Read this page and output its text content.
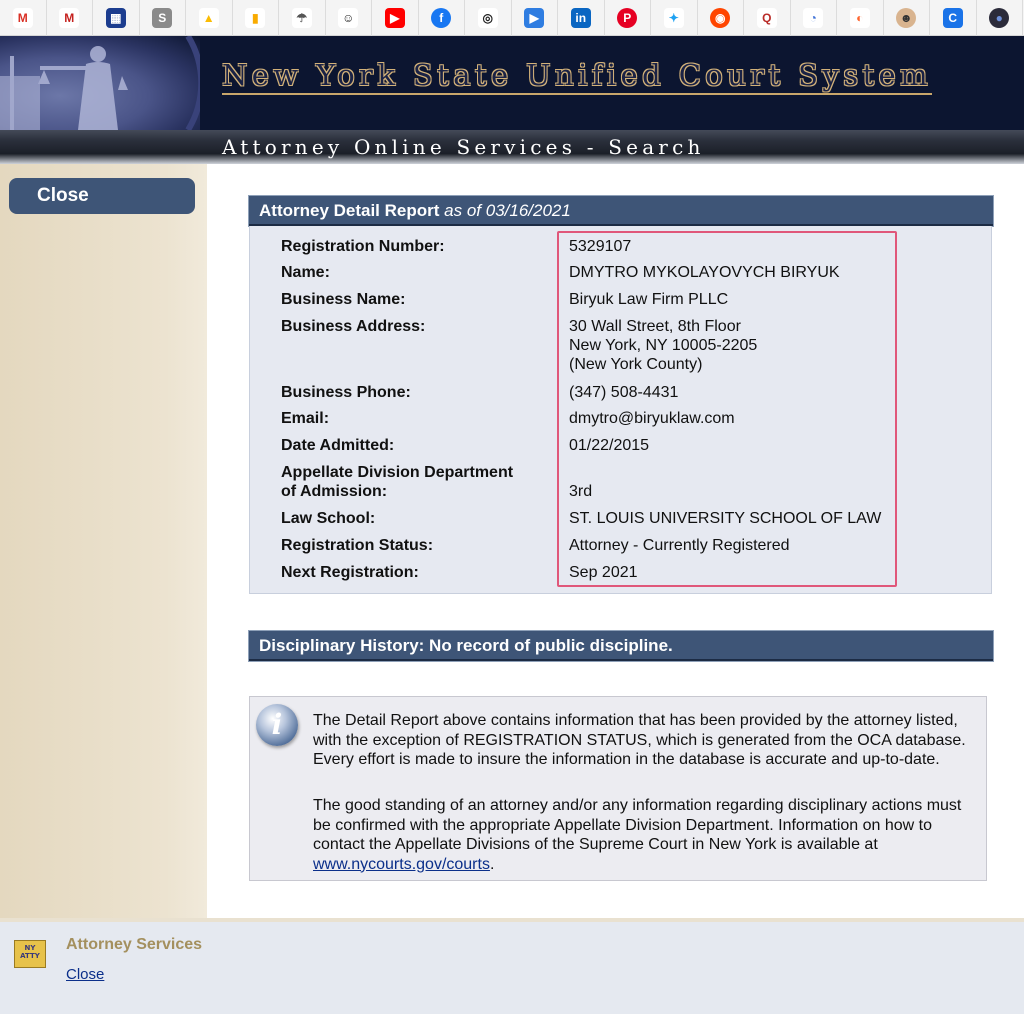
M	M	▦	S	▲	▮	☂	☺	▶	f	◎	▶	in	P	✦	◉	Q	◔	◐	☻	C	●
New York State Unified Court System
Attorney Online Services - Search
Close
Attorney Detail Report as of 03/16/2021
Registration Number:	5329107
Name:	DMYTRO MYKOLAYOVYCH BIRYUK
Business Name:	Biryuk Law Firm PLLC
Business Address:	30 Wall Street, 8th Floor
New York, NY 10005-2205
(New York County)
Business Phone:	(347) 508-4431
Email:	dmytro@biryuklaw.com
Date Admitted:	01/22/2015
Appellate Division Department
of Admission:	3rd
Law School:	ST. LOUIS UNIVERSITY SCHOOL OF LAW
Registration Status:	Attorney - Currently Registered
Next Registration:	Sep 2021
Disciplinary History: No record of public discipline.
i	The Detail Report above contains information that has been provided by the attorney listed, with the exception of REGISTRATION STATUS, which is generated from the OCA database. Every effort is made to insure the information in the database is accurate and up-to-date.
The good standing of an attorney and/or any information regarding disciplinary actions must be confirmed with the appropriate Appellate Division Department. Information on how to contact the Appellate Divisions of the Supreme Court in New York is available at www.nycourts.gov/courts.
NY ATTY
Attorney Services
Close
